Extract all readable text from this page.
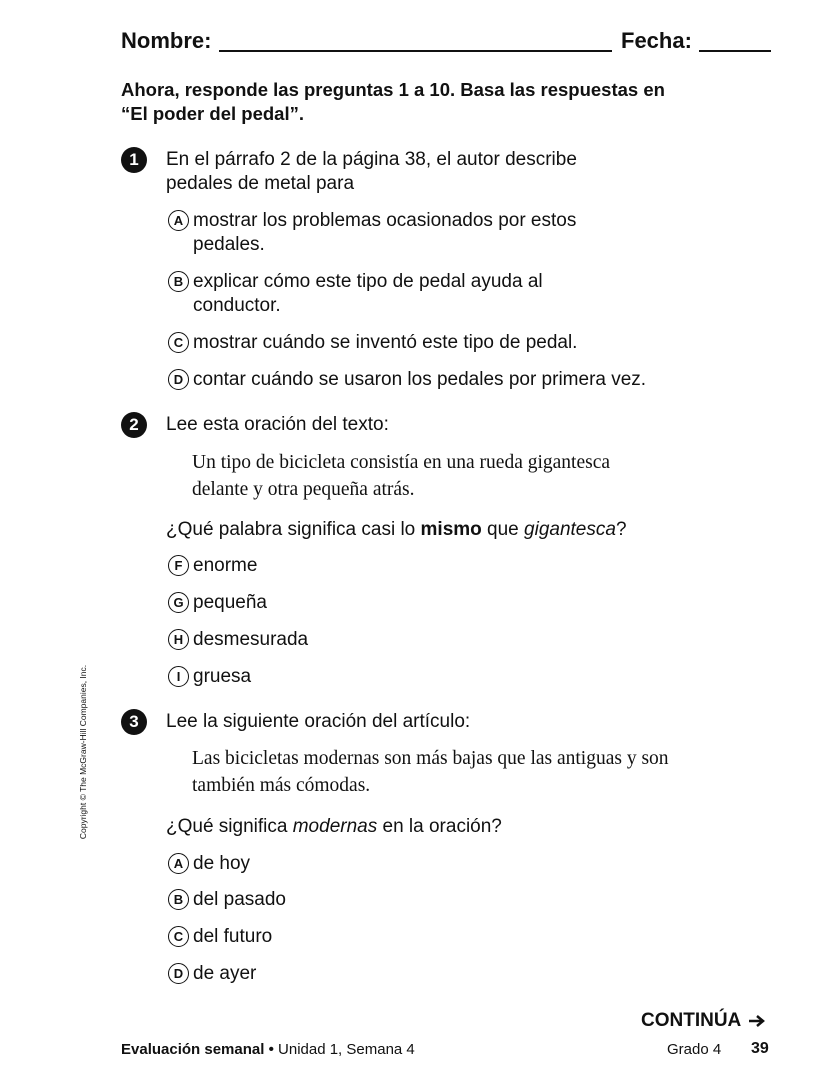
Nombre:	Fecha:
Ahora, responde las preguntas 1 a 10. Basa las respuestas en “El poder del pedal”.
1	En el párrafo 2 de la página 38, el autor describe pedales de metal para
A mostrar los problemas ocasionados por estos pedales.
B explicar cómo este tipo de pedal ayuda al conductor.
C mostrar cuándo se inventó este tipo de pedal.
D contar cuándo se usaron los pedales por primera vez.
2	Lee esta oración del texto:
Un tipo de bicicleta consistía en una rueda gigantesca delante y otra pequeña atrás.
¿Qué palabra significa casi lo mismo que gigantesca?
F enorme
G pequeña
H desmesurada
I gruesa
3	Lee la siguiente oración del artículo:
Las bicicletas modernas son más bajas que las antiguas y son también más cómodas.
¿Qué significa modernas en la oración?
A de hoy
B del pasado
C del futuro
D de ayer
Copyright © The McGraw-Hill Companies, Inc.
CONTINÚA
Evaluación semanal • Unidad 1, Semana 4	Grado 4	39
